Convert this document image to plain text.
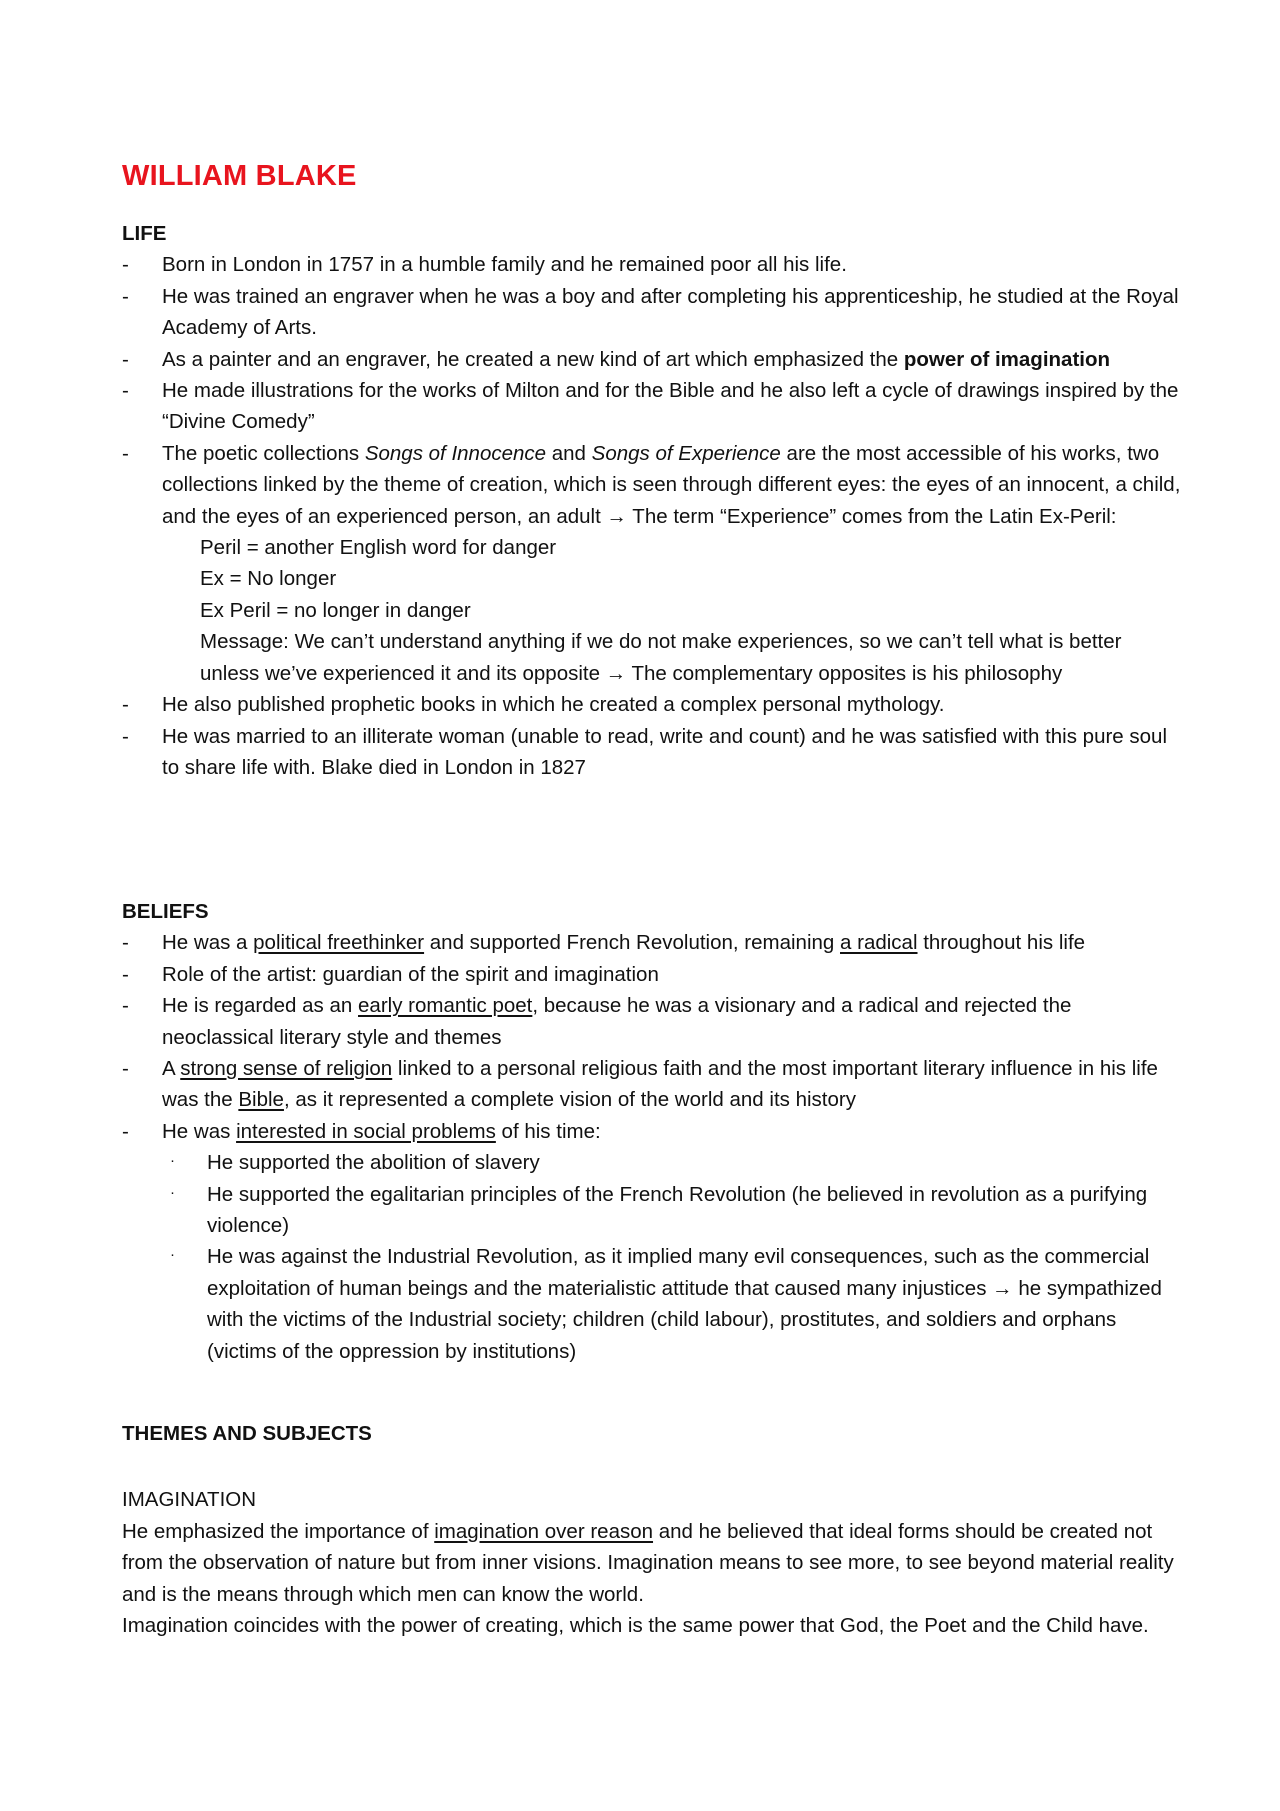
WILLIAM BLAKE
LIFE
- Born in London in 1757 in a humble family and he remained poor all his life.
- He was trained an engraver when he was a boy and after completing his apprenticeship, he studied at the Royal Academy of Arts.
- As a painter and an engraver, he created a new kind of art which emphasized the power of imagination
- He made illustrations for the works of Milton and for the Bible and he also left a cycle of drawings inspired by the “Divine Comedy”
- The poetic collections Songs of Innocence and Songs of Experience are the most accessible of his works, two collections linked by the theme of creation, which is seen through different eyes: the eyes of an innocent, a child, and the eyes of an experienced person, an adult → The term “Experience” comes from the Latin Ex-Peril:
Peril = another English word for danger
Ex = No longer
Ex Peril = no longer in danger
Message: We can’t understand anything if we do not make experiences, so we can’t tell what is better unless we’ve experienced it and its opposite → The complementary opposites is his philosophy
- He also published prophetic books in which he created a complex personal mythology.
- He was married to an illiterate woman (unable to read, write and count) and he was satisfied with this pure soul to share life with. Blake died in London in 1827
BELIEFS
- He was a political freethinker and supported French Revolution, remaining a radical throughout his life
- Role of the artist: guardian of the spirit and imagination
- He is regarded as an early romantic poet, because he was a visionary and a radical and rejected the neoclassical literary style and themes
- A strong sense of religion linked to a personal religious faith and the most important literary influence in his life was the Bible, as it represented a complete vision of the world and its history
- He was interested in social problems of his time:
· He supported the abolition of slavery
· He supported the egalitarian principles of the French Revolution (he believed in revolution as a purifying violence)
· He was against the Industrial Revolution, as it implied many evil consequences, such as the commercial exploitation of human beings and the materialistic attitude that caused many injustices → he sympathized with the victims of the Industrial society; children (child labour), prostitutes, and soldiers and orphans (victims of the oppression by institutions)
THEMES AND SUBJECTS
IMAGINATION
He emphasized the importance of imagination over reason and he believed that ideal forms should be created not from the observation of nature but from inner visions. Imagination means to see more, to see beyond material reality and is the means through which men can know the world.
Imagination coincides with the power of creating, which is the same power that God, the Poet and the Child have.
